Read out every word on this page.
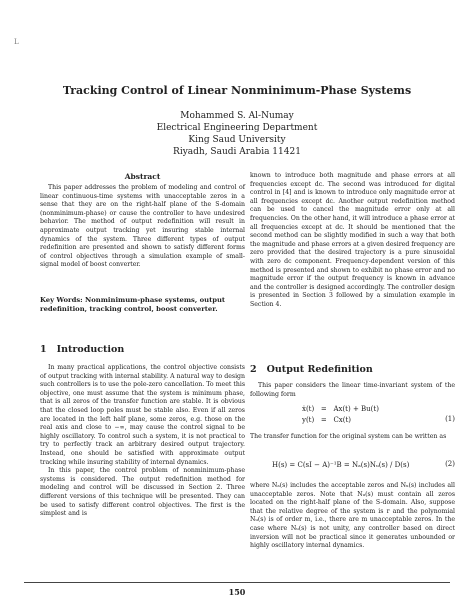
L
Tracking Control of Linear Nonminimum-Phase Systems
Mohammed S. Al-Numay
Electrical Engineering Department
King Saud University
Riyadh, Saudi Arabia 11421
Abstract

This paper addresses the problem of modeling and control of linear continuous-time systems with unacceptable zeros in a sense that they are on the right-half plane of the S-domain (nonminimum-phase) or cause the controller to have undesired behavior. The method of output redefinition will result in approximate output tracking yet insuring stable internal dynamics of the system. Three different types of output redefinition are presented and shown to satisfy different forms of control objectives through a simulation example of small-signal model of boost converter.

Key Words: Nonminimum-phase systems, output redefinition, tracking control, boost converter.
1 Introduction

In many practical applications, the control objective consists of output tracking with internal stability. A natural way to design such controllers is to use the pole-zero cancellation. To meet this objective, one must assume that the system is minimum phase, that is all zeros of the transfer function are stable. It is obvious that the closed loop poles must be stable also. Even if all zeros are located in the left half plane, some zeros, e.g. those on the real axis and close to −∞, may cause the control signal to be highly oscillatory. To control such a system, it is not practical to try to perfectly track an arbitrary desired output trajectory. Instead, one should be satisfied with approximate output tracking while insuring stability of internal dynamics.

In this paper, the control problem of nonminimum-phase systems is considered. The output redefinition method for modeling and control will be discussed in Section 2. Three different versions of this technique will be presented. They can be used to satisfy different control objectives. The first is the simplest and is

known to introduce both magnitude and phase errors at all frequencies except dc. The second was introduced for digital control in [4] and is known to introduce only magnitude error at all frequencies except dc. Another output redefinition method can be used to cancel the magnitude error only at all frequencies. On the other hand, it will introduce a phase error at all frequencies except at dc. It should be mentioned that the second method can be slightly modified in such a way that both the magnitude and phase errors at a given desired frequency are zero provided that the desired trajectory is a pure sinusoidal with zero dc component. Frequency-dependent version of this method is presented and shown to exhibit no phase error and no magnitude error if the output frequency is known in advance and the controller is designed accordingly. The controller design is presented in Section 3 followed by a simulation example in Section 4.

2 Output Redefinition

This paper considers the linear time-invariant system of the following form

ẋ(t)   =   Ax(t) + Bu(t)
y(t)   =   Cx(t)	(1)

The transfer function for the original system can be written as

H(s) = C(sI − A)⁻¹B = Nₐ(s)Nᵤ(s) / D(s)	(2)

where Nₐ(s) includes the acceptable zeros and Nᵤ(s) includes all unacceptable zeros. Note that Nᵤ(s) must contain all zeros located on the right-half plane of the S-domain. Also, suppose that the relative degree of the system is r and the polynomial Nᵤ(s) is of order m, i.e., there are m unacceptable zeros. In the case where Nᵤ(s) is not unity, any controller based on direct inversion will not be practical since it generates unbounded or highly oscillatory internal dynamics.

150
